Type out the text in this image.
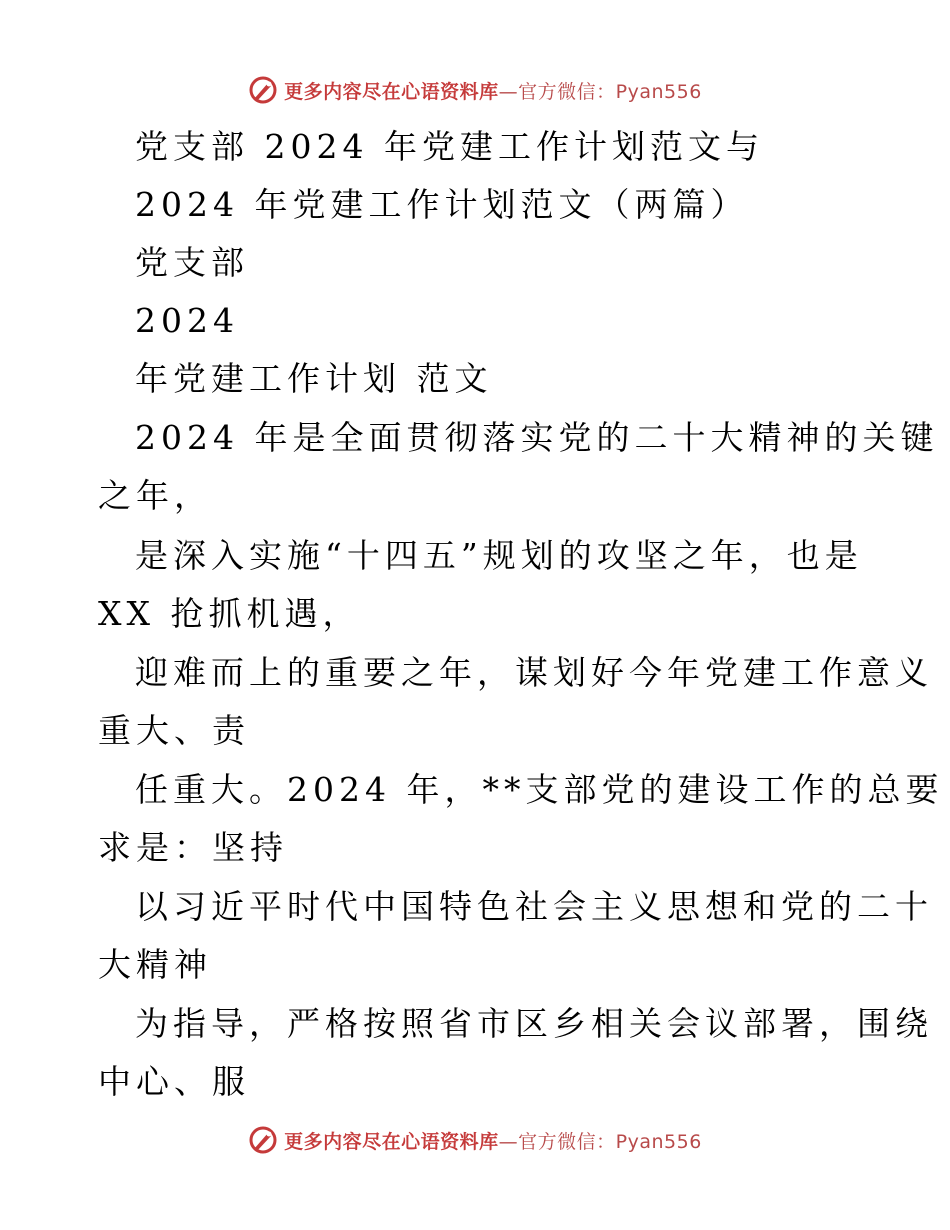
更多内容尽在心语资料库—官方微信：Pyan556
党支部 2024 年党建工作计划范文与
2024 年党建工作计划范文（两篇）
党支部
2024
年党建工作计划 范文
2024 年是全面贯彻落实党的二十大精神的关键
之年，
是深入实施“十四五”规划的攻坚之年，也是
XX 抢抓机遇，
迎难而上的重要之年，谋划好今年党建工作意义
重大、责
任重大。2024 年，**支部党的建设工作的总要
求是：坚持
以习近平时代中国特色社会主义思想和党的二十
大精神
为指导，严格按照省市区乡相关会议部署，围绕
中心、服
更多内容尽在心语资料库—官方微信：Pyan556
